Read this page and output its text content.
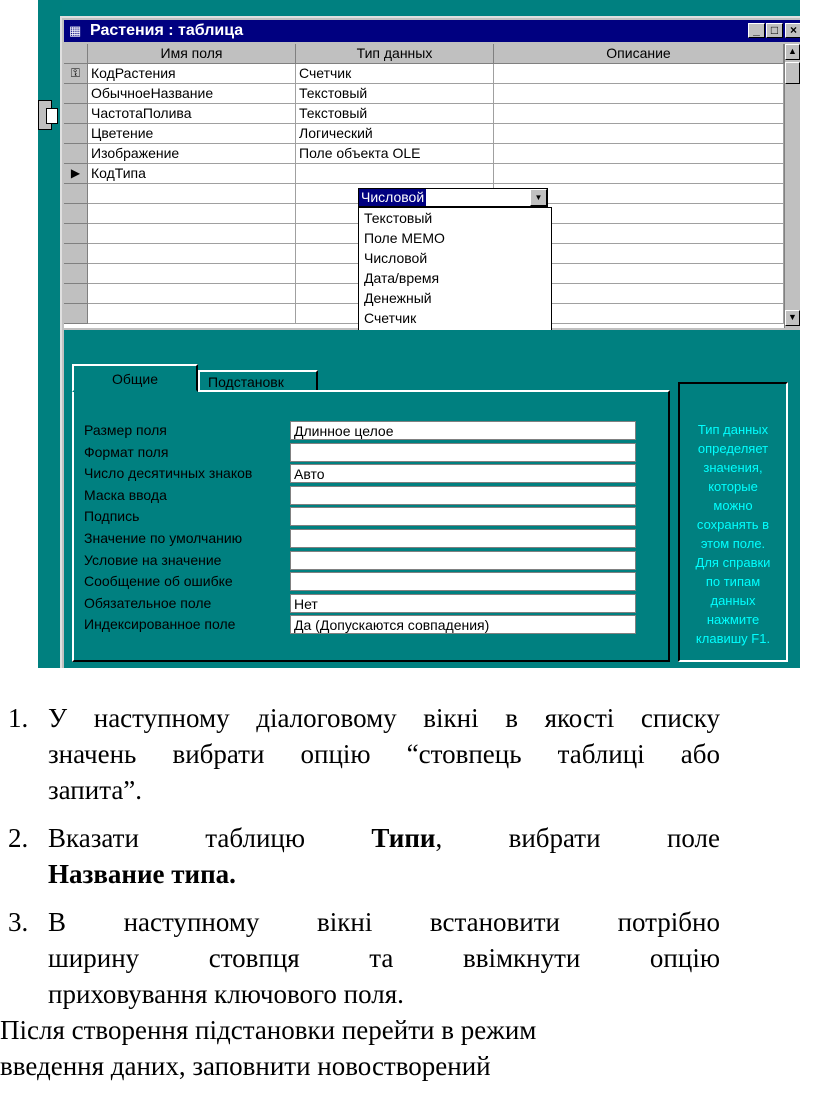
▦ Растения : таблица	_ □ ×
Имя поля	Тип данных	Описание
⚿ КодРастения	Счетчик
ОбычноеНазвание	Текстовый
ЧастотаПолива	Текстовый
Цветение	Логический
Изображение	Поле объекта OLE
▶ КодТипа
▲
▼
Числовой	▼
Текстовый
Поле MEMO
Числовой
Дата/время
Денежный
Счетчик
Общие	Подстановк
Размер поля	Длинное целое
Формат поля
Число десятичных знаков	Авто
Маска ввода
Подпись
Значение по умолчанию
Условие на значение
Сообщение об ошибке
Обязательное поле	Нет
Индексированное поле	Да (Допускаются совпадения)
Тип данных
определяет
значения,
которые
можно
сохранять в
этом поле.
Для справки
по типам
данных
нажмите
клавишу F1.
1. У наступному діалоговому вікні в якості списку
значень вибрати опцію “стовпець таблиці або
запита”.
2. Вказати таблицю Типи, вибрати поле
Название типа.
3. В наступному вікні встановити потрібно
ширину стовпця та ввімкнути опцію
приховування ключового поля.
Після створення підстановки перейти в режим
введення даних, заповнити новостворений
